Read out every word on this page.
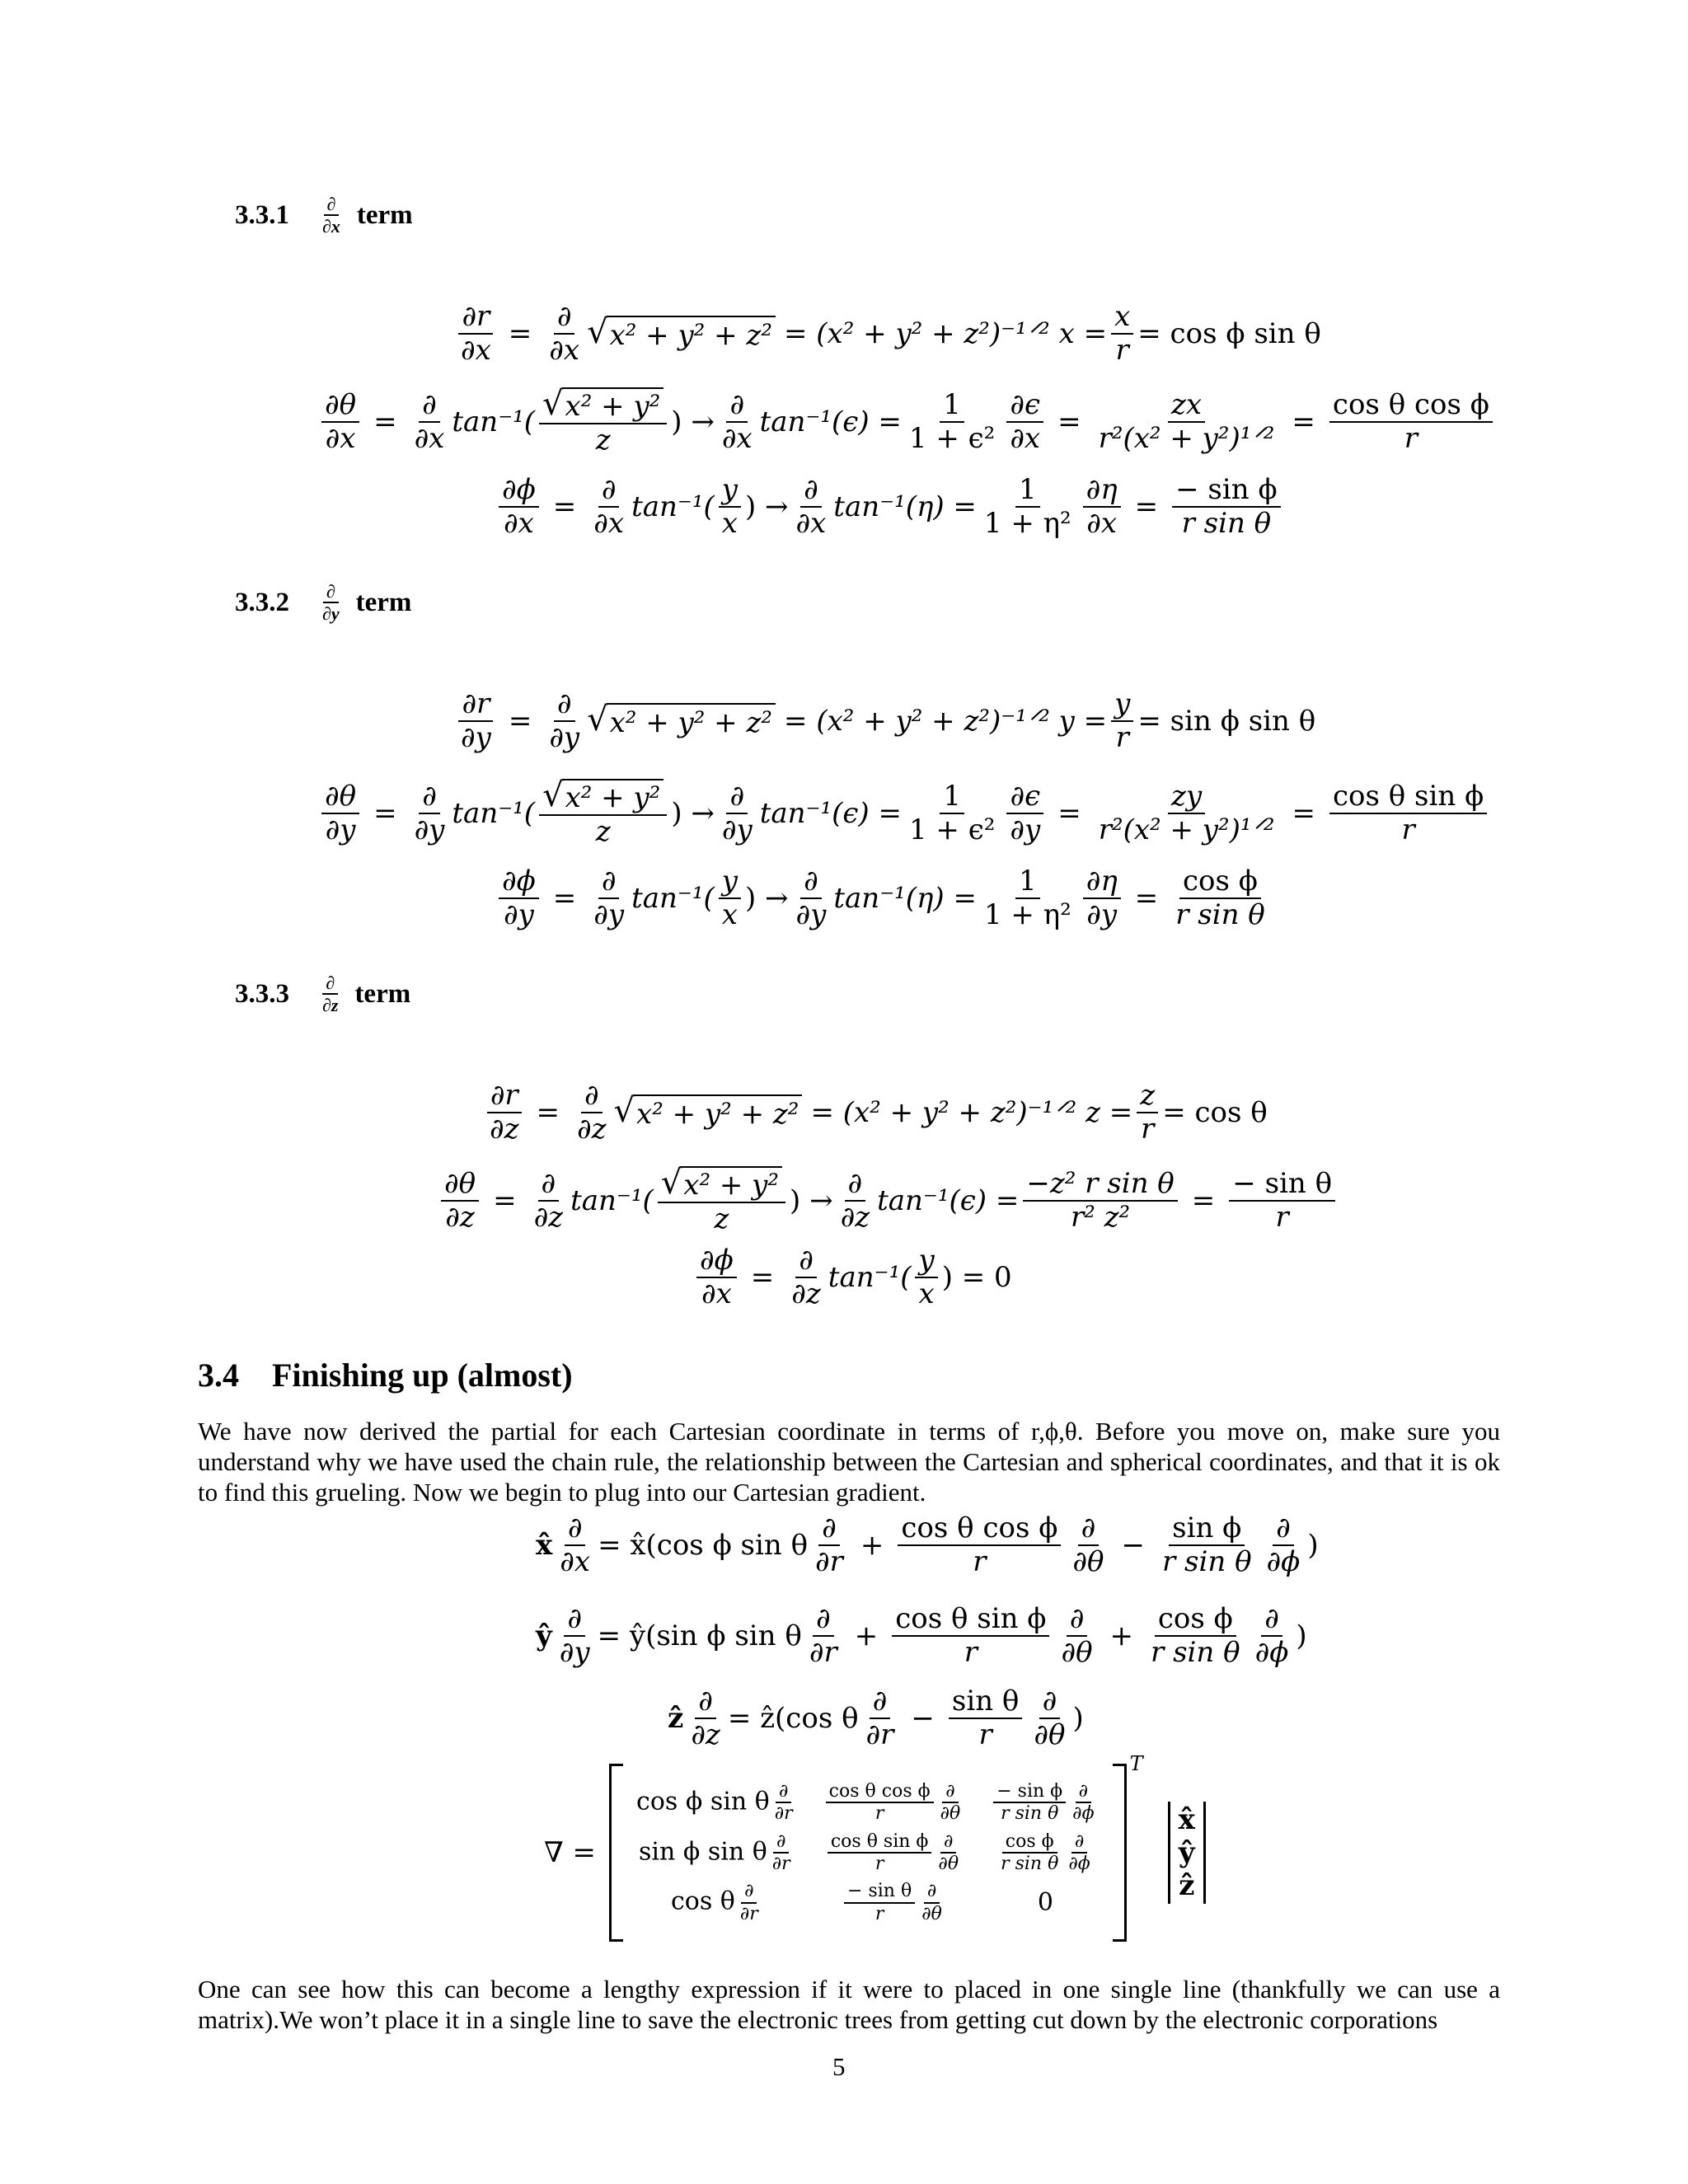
3.3.1	$\frac{\partial}{\partial x}$ term
$\frac{\partial r}{\partial x} = \frac{\partial}{\partial x}$ √ x² + y² + z² = (x² + y² + z²)⁻¹ᐟ² $x = \frac{x}{r} = \cos \phi$ sin θ
$\frac{\partial\theta}{\partial x} = \frac{\partial}{\partial x} \tan^{-1}( \frac{\text{√ x² + y²}}{z}$ ) → $\frac{\partial}{\partial x} \tan^{-1}(\epsilon) = \frac{1}{\text{1 + ϵ²}} \frac{\partial\epsilon}{\partial x} = \frac{zx}{\text{r²(x² + y²)¹ᐟ²}} = \frac{\text{cos θ cos ϕ}}{r}$
$\frac{\partial\phi}{\partial x} = \frac{\partial}{\partial x} \tan^{-1}( \frac{y}{x}$ ) → $\frac{\partial}{\partial x} \tan^{-1}(\eta) = \frac{1}{\text{1 + η²}} \frac{\partial\eta}{\partial x} = \frac{\text{− sin ϕ}}{\text{r sin θ}}$
3.3.2	$\frac{\partial}{\partial y}$ term
$\frac{\partial r}{\partial y} = \frac{\partial}{\partial y}$ √ x² + y² + z² = (x² + y² + z²)⁻¹ᐟ² $y = \frac{y}{r} = \sin \phi$ sin θ
$\frac{\partial\theta}{\partial y} = \frac{\partial}{\partial y} \tan^{-1}( \frac{\text{√ x² + y²}}{z}$ ) → $\frac{\partial}{\partial y} \tan^{-1}(\epsilon) = \frac{1}{\text{1 + ϵ²}} \frac{\partial\epsilon}{\partial y} = \frac{zy}{\text{r²(x² + y²)¹ᐟ²}} = \frac{\text{cos θ sin ϕ}}{r}$
$\frac{\partial\phi}{\partial y} = \frac{\partial}{\partial y} \tan^{-1}( \frac{y}{x}$ ) → $\frac{\partial}{\partial y} \tan^{-1}(\eta) = \frac{1}{\text{1 + η²}} \frac{\partial\eta}{\partial y} = \frac{\text{cos ϕ}}{\text{r sin θ}}$
3.3.3	$\frac{\partial}{\partial z}$ term
$\frac{\partial r}{\partial z} = \frac{\partial}{\partial z}$ √ x² + y² + z² = (x² + y² + z²)⁻¹ᐟ² $z = \frac{z}{r} = \cos \theta$
$\frac{\partial\theta}{\partial z} = \frac{\partial}{\partial z} \tan^{-1}( \frac{\text{√ x² + y²}}{z}$ ) → $\frac{\partial}{\partial z} \tan^{-1}(\epsilon) = \frac{\text{−z² r sin θ}}{\text{r² z²}} = \frac{\text{− sin θ}}{r}$
$\frac{\partial\phi}{\partial x} = \frac{\partial}{\partial z} \tan^{-1}( \frac{y}{x}$ ) = 0
3.4 Finishing up (almost)
We have now derived the partial for each Cartesian coordinate in terms of r,ϕ,θ. Before you move on, make sure you understand why we have used the chain rule, the relationship between the Cartesian and spherical coordinates, and that it is ok to find this grueling. Now we begin to plug into our Cartesian gradient.
x̂ $\frac{\partial}{\partial x}$ = x̂(cos ϕ sin θ $\frac{\partial}{\partial r} + \frac{\text{cos θ cos ϕ}}{r} \frac{\partial}{\partial\theta} - \frac{\text{sin ϕ}}{\text{r sin θ}} \frac{\partial}{\partial\phi}$ )
ŷ $\frac{\partial}{\partial y}$ = ŷ(sin ϕ sin θ $\frac{\partial}{\partial r} + \frac{\text{cos θ sin ϕ}}{r} \frac{\partial}{\partial\theta} + \frac{\text{cos ϕ}}{\text{r sin θ}} \frac{\partial}{\partial\phi}$ )
ẑ $\frac{\partial}{\partial z}$ = ẑ(cos θ $\frac{\partial}{\partial r} - \frac{\text{sin θ}}{r} \frac{\partial}{\partial\theta}$ )
∇ =
cos ϕ sin θ $\frac{\partial}{\partial r}$	$\frac{\text{cos θ cos ϕ}}{r} \frac{\partial}{\partial\theta}$	$\frac{\text{− sin ϕ}}{\text{r sin θ}} \frac{\partial}{\partial\phi}$

sin ϕ sin θ $\frac{\partial}{\partial r}$	$\frac{\text{cos θ sin ϕ}}{r} \frac{\partial}{\partial\theta}$	$\frac{\text{cos ϕ}}{\text{r sin θ}} \frac{\partial}{\partial\phi}$

cos θ $\frac{\partial}{\partial r}$	$\frac{\text{− sin θ}}{r} \frac{\partial}{\partial\theta}$	0
T
x̂
ŷ
ẑ
One can see how this can become a lengthy expression if it were to placed in one single line (thankfully we can use a matrix).We won’t place it in a single line to save the electronic trees from getting cut down by the electronic corporations
5
